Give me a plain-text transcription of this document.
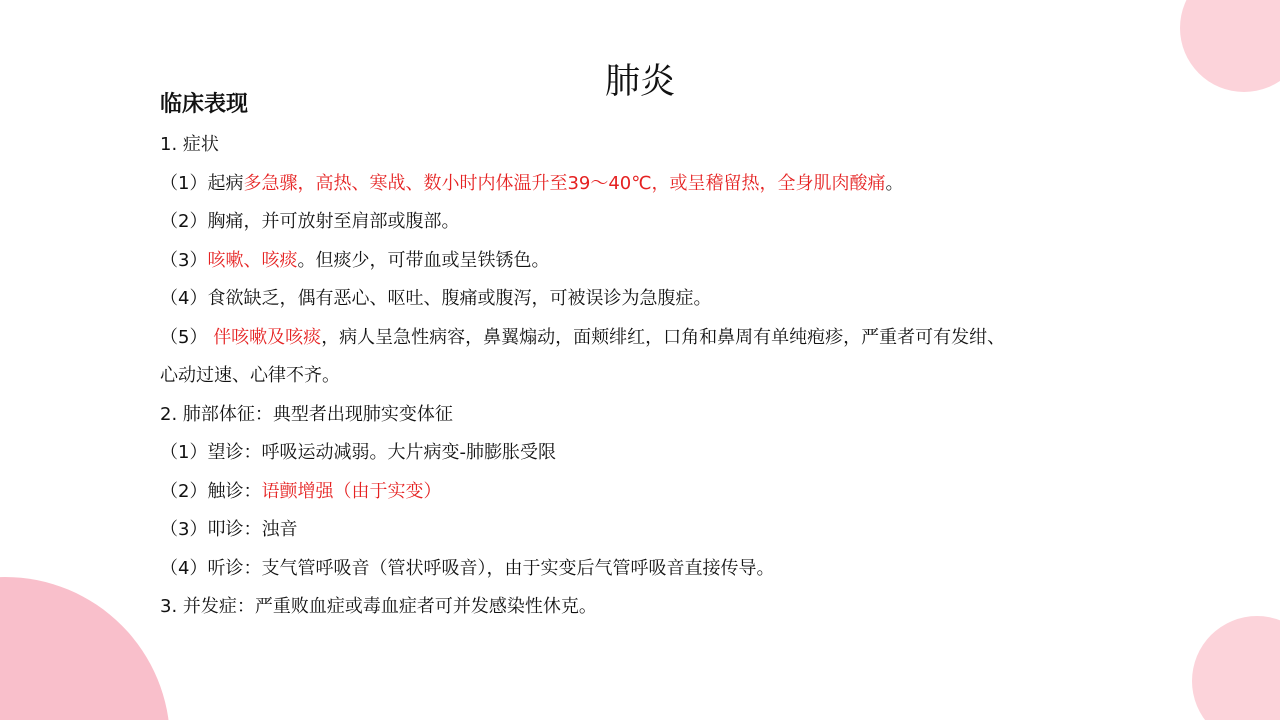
肺炎
临床表现
1. 症状
（1）起病多急骤，高热、寒战、数小时内体温升至39～40℃，或呈稽留热，全身肌肉酸痛。
（2）胸痛，并可放射至肩部或腹部。
（3）咳嗽、咳痰。但痰少，可带血或呈铁锈色。
（4）食欲缺乏，偶有恶心、呕吐、腹痛或腹泻，可被误诊为急腹症。
（5） 伴咳嗽及咳痰，病人呈急性病容，鼻翼煽动，面颊绯红，口角和鼻周有单纯疱疹，严重者可有发绀、
心动过速、心律不齐。
2. 肺部体征：典型者出现肺实变体征
（1）望诊：呼吸运动减弱。大片病变-肺膨胀受限
（2）触诊：语颤增强（由于实变）
（3）叩诊：浊音
（4）听诊：支气管呼吸音（管状呼吸音），由于实变后气管呼吸音直接传导。
3. 并发症：严重败血症或毒血症者可并发感染性休克。
